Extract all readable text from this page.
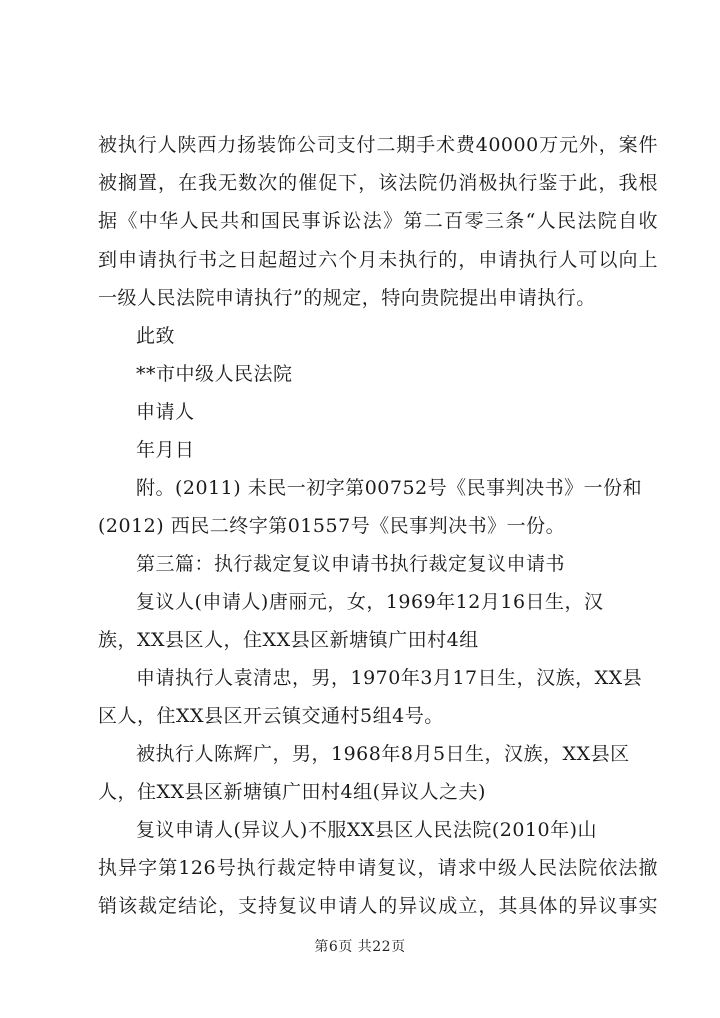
被执行人陕西力扬装饰公司支付二期手术费40000万元外，案件
被搁置，在我无数次的催促下，该法院仍消极执行鉴于此，我根
据《中华人民共和国民事诉讼法》第二百零三条“人民法院自收
到申请执行书之日起超过六个月未执行的，申请执行人可以向上
一级人民法院申请执行”的规定，特向贵院提出申请执行。
此致
**市中级人民法院
申请人
年月日
附。(2011) 未民一初字第00752号《民事判决书》一份和
(2012) 西民二终字第01557号《民事判决书》一份。
第三篇：执行裁定复议申请书执行裁定复议申请书
复议人(申请人)唐丽元，女，1969年12月16日生，汉
族，XX县区人，住XX县区新塘镇广田村4组
申请执行人袁清忠，男，1970年3月17日生，汉族，XX县
区人，住XX县区开云镇交通村5组4号。
被执行人陈辉广，男，1968年8月5日生，汉族，XX县区
人，住XX县区新塘镇广田村4组(异议人之夫)
复议申请人(异议人)不服XX县区人民法院(2010年)山
执异字第126号执行裁定特申请复议，请求中级人民法院依法撤
销该裁定结论，支持复议申请人的异议成立，其具体的异议事实
第6页 共22页
